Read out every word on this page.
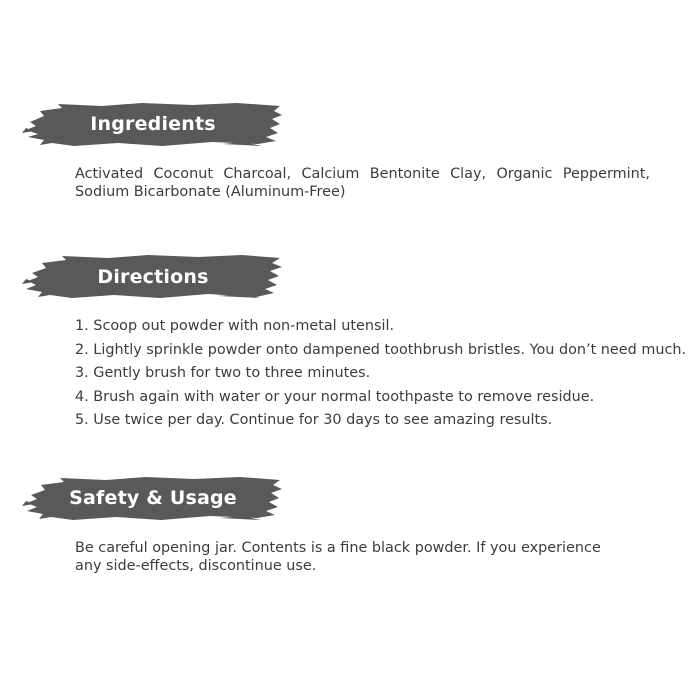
Ingredients
Activated Coconut Charcoal, Calcium Bentonite Clay, Organic Peppermint, Sodium Bicarbonate (Aluminum-Free)
Directions
1. Scoop out powder with non-metal utensil.
2. Lightly sprinkle powder onto dampened toothbrush bristles. You don’t need much.
3. Gently brush for two to three minutes.
4. Brush again with water or your normal toothpaste to remove residue.
5. Use twice per day. Continue for 30 days to see amazing results.
Safety & Usage
Be careful opening jar. Contents is a fine black powder. If you experience
any side-effects, discontinue use.
